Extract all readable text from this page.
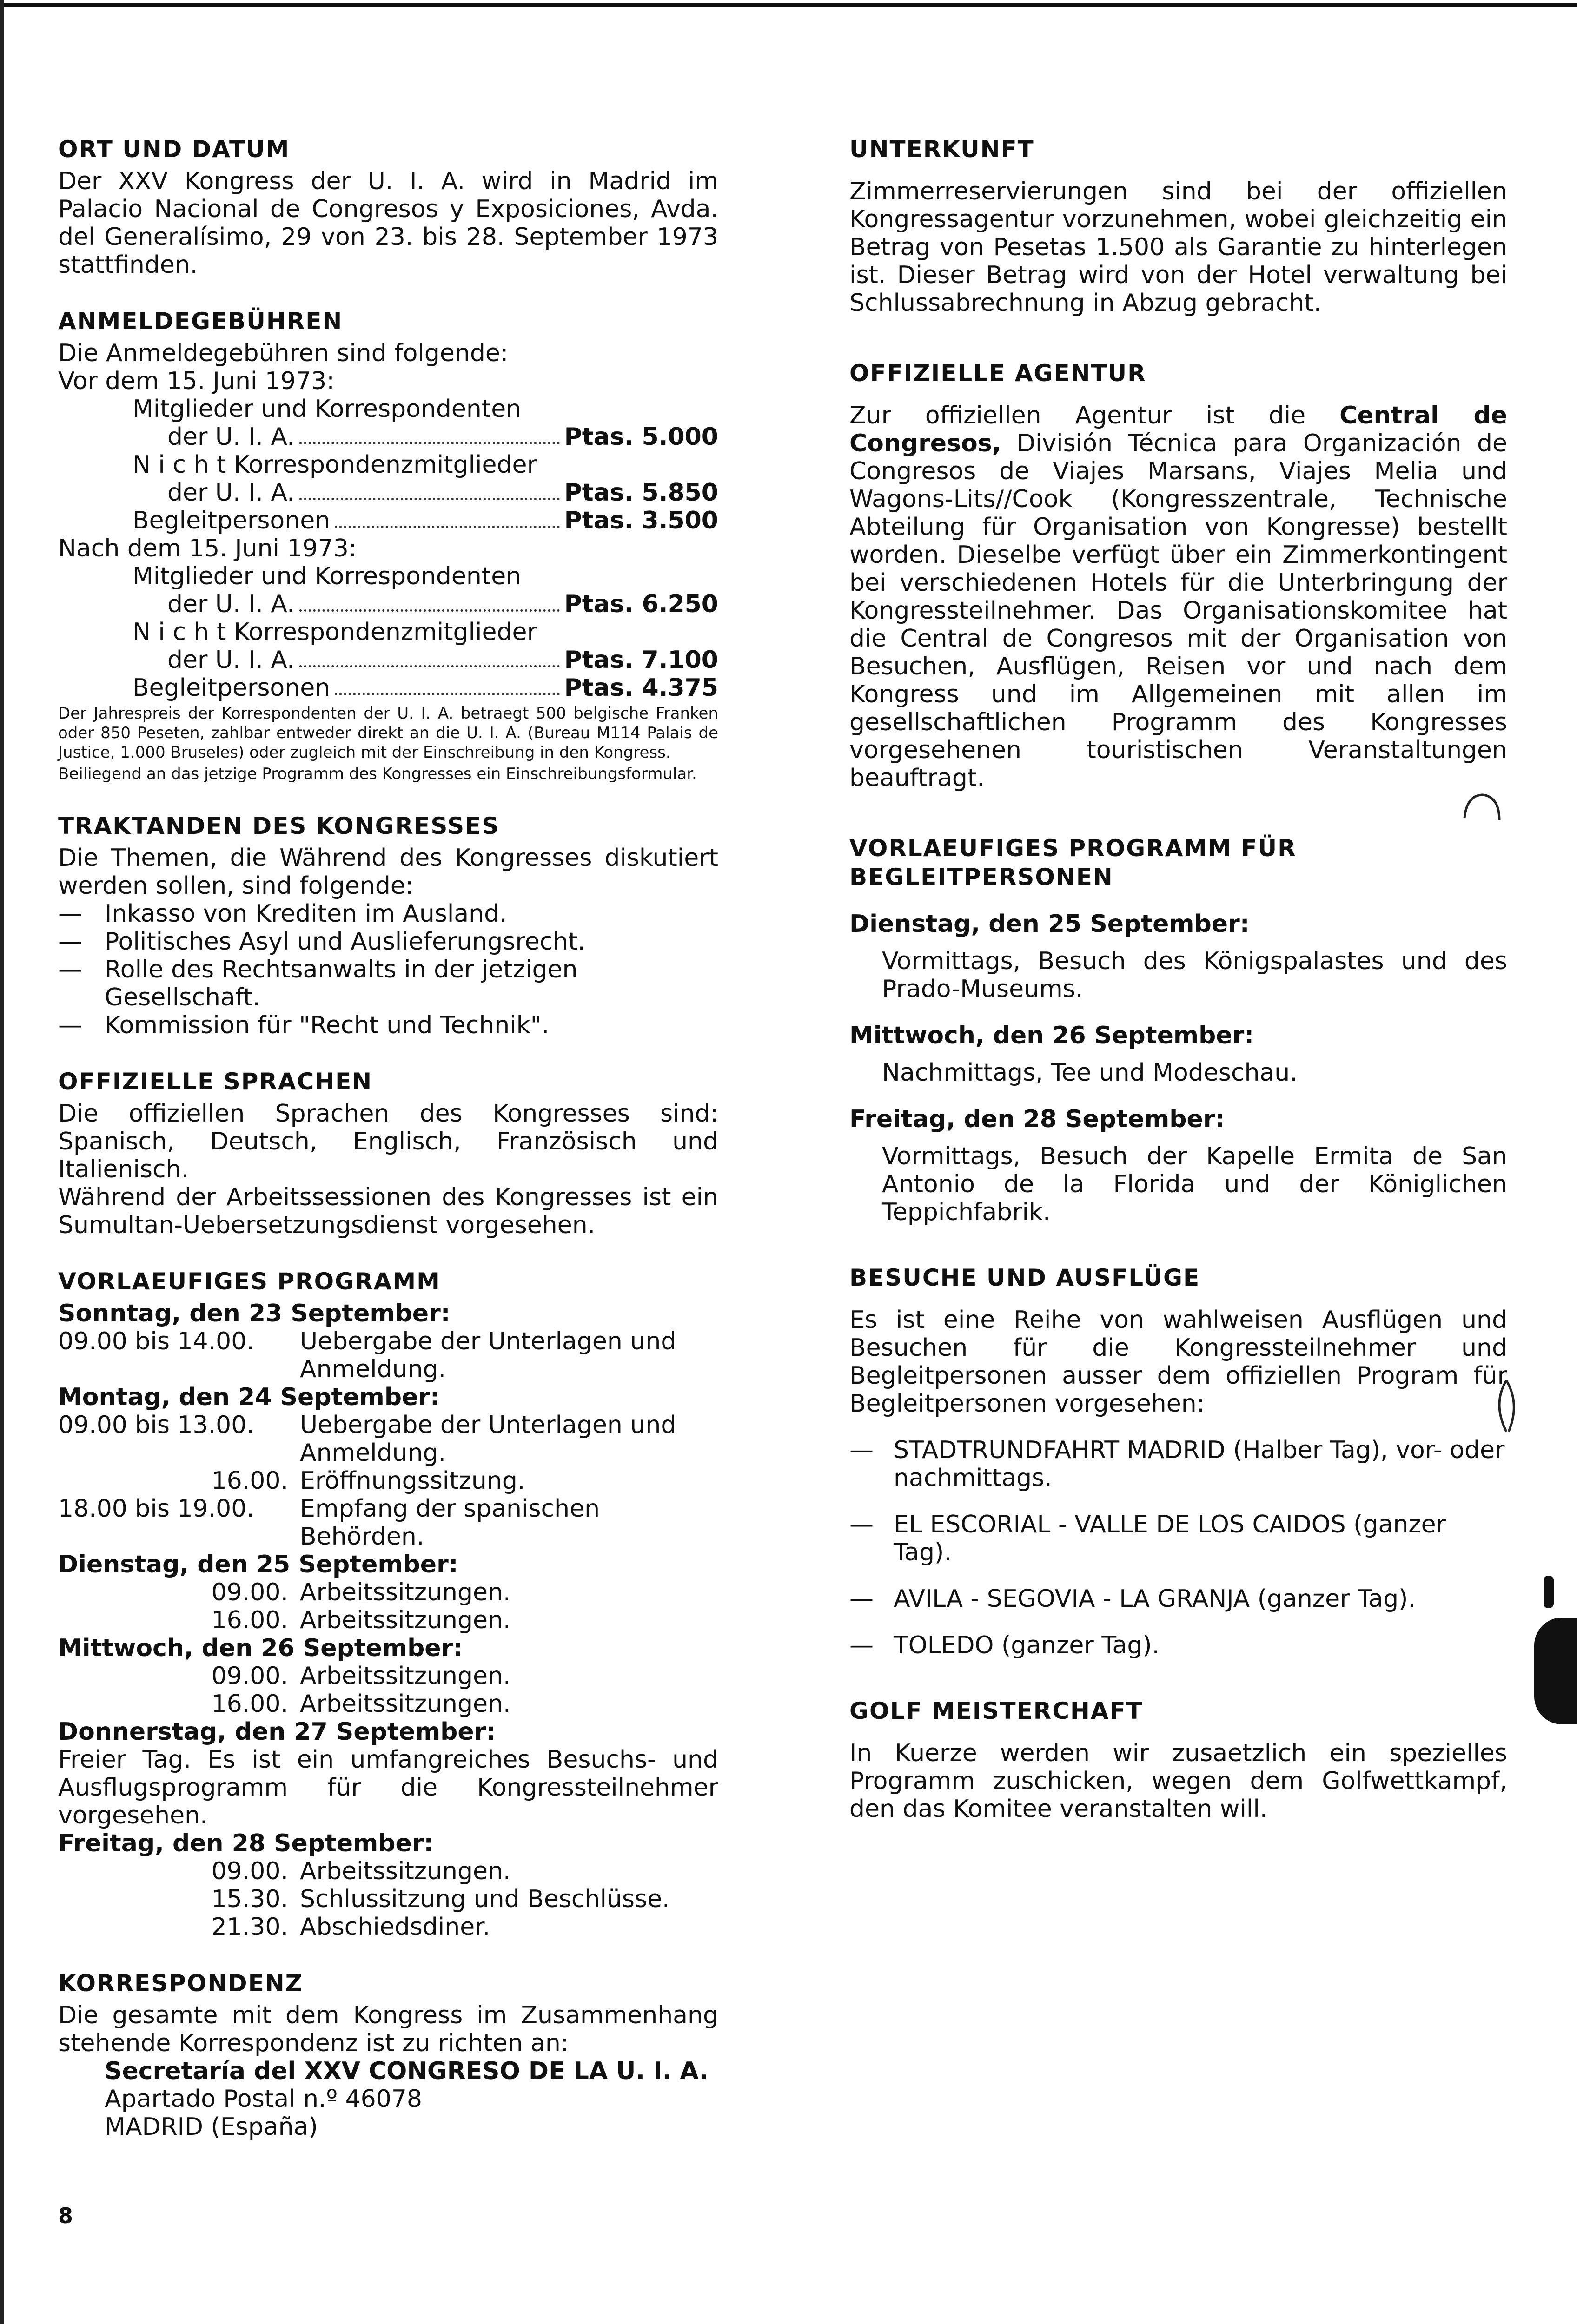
ORT UND DATUM

Der XXV Kongress der U. I. A. wird in Madrid im Palacio Nacional de Congresos y Exposiciones, Avda. del Generalísimo, 29 von 23. bis 28. September 1973 stattfinden.

ANMELDEGEBÜHREN

Die Anmeldegebühren sind folgende:

Vor dem 15. Juni 1973:

Mitglieder und Korrespondenten
der U. I. A.	Ptas. 5.000
N i c h t Korrespondenzmitglieder
der U. I. A.	Ptas. 5.850
Begleitpersonen	Ptas. 3.500

Nach dem 15. Juni 1973:

Mitglieder und Korrespondenten
der U. I. A.	Ptas. 6.250
N i c h t Korrespondenzmitglieder
der U. I. A.	Ptas. 7.100
Begleitpersonen	Ptas. 4.375
Der Jahrespreis der Korrespondenten der U. I. A. betraegt 500 belgische Franken oder 850 Peseten, zahlbar entweder direkt an die U. I. A. (Bureau M114 Palais de Justice, 1.000 Bruseles) oder zugleich mit der Einschreibung in den Kongress.
Beiliegend an das jetzige Programm des Kongresses ein Einschreibungsformular.
TRAKTANDEN DES KONGRESSES

Die Themen, die Während des Kongresses diskutiert werden sollen, sind folgende:

— Inkasso von Krediten im Ausland.
— Politisches Asyl und Auslieferungsrecht.
— Rolle des Rechtsanwalts in der jetzigen Gesellschaft.
— Kommission für "Recht und Technik".
OFFIZIELLE SPRACHEN

Die offiziellen Sprachen des Kongresses sind: Spanisch, Deutsch, Englisch, Französisch und Italienisch.

Während der Arbeitssessionen des Kongresses ist ein Sumultan-Uebersetzungsdienst vorgesehen.

VORLAEUFIGES PROGRAMM
Sonntag, den 23 September:
09.00 bis 14.00.	Uebergabe der Unterlagen und Anmeldung.
Montag, den 24 September:
09.00 bis 13.00.	Uebergabe der Unterlagen und Anmeldung.
16.00. Eröffnungssitzung.
18.00 bis 19.00.	Empfang der spanischen Behörden.
Dienstag, den 25 September:
09.00. Arbeitssitzungen.
16.00. Arbeitssitzungen.
Mittwoch, den 26 September:
09.00. Arbeitssitzungen.
16.00. Arbeitssitzungen.
Donnerstag, den 27 September:

Freier Tag. Es ist ein umfangreiches Besuchs- und Ausflugsprogramm für die Kongressteilnehmer vorgesehen.

Freitag, den 28 September:
09.00. Arbeitssitzungen.
15.30. Schlussitzung und Beschlüsse.
21.30. Abschiedsdiner.
KORRESPONDENZ

Die gesamte mit dem Kongress im Zusammenhang stehende Korrespondenz ist zu richten an:

Secretaría del XXV CONGRESO DE LA U. I. A.
Apartado Postal n.º 46078
MADRID (España)
8
UNTERKUNFT

Zimmerreservierungen sind bei der offiziellen Kongressagentur vorzunehmen, wobei gleichzeitig ein Betrag von Pesetas 1.500 als Garantie zu hinterlegen ist. Dieser Betrag wird von der Hotel verwaltung bei Schlussabrechnung in Abzug gebracht.

OFFIZIELLE AGENTUR

Zur offiziellen Agentur ist die Central de Congresos, División Técnica para Organización de Congresos de Viajes Marsans, Viajes Melia und Wagons-Lits//Cook (Kongresszentrale, Technische Abteilung für Organisation von Kongresse) bestellt worden. Dieselbe verfügt über ein Zimmerkontingent bei verschiedenen Hotels für die Unterbringung der Kongressteilnehmer. Das Organisationskomitee hat die Central de Congresos mit der Organisation von Besuchen, Ausflügen, Reisen vor und nach dem Kongress und im Allgemeinen mit allen im gesellschaftlichen Programm des Kongresses vorgesehenen touristischen Veranstaltungen beauftragt.

VORLAEUFIGES PROGRAMM FÜR BEGLEITPERSONEN
Dienstag, den 25 September:
Vormittags, Besuch des Königspalastes und des Prado-Museums.
Mittwoch, den 26 September:
Nachmittags, Tee und Modeschau.
Freitag, den 28 September:
Vormittags, Besuch der Kapelle Ermita de San Antonio de la Florida und der Königlichen Teppichfabrik.
BESUCHE UND AUSFLÜGE

Es ist eine Reihe von wahlweisen Ausflügen und Besuchen für die Kongressteilnehmer und Begleitpersonen ausser dem offiziellen Program für Begleitpersonen vorgesehen:

— STADTRUNDFAHRT MADRID (Halber Tag), vor- oder nachmittags.
— EL ESCORIAL - VALLE DE LOS CAIDOS (ganzer Tag).
— AVILA - SEGOVIA - LA GRANJA (ganzer Tag).
— TOLEDO (ganzer Tag).
GOLF MEISTERCHAFT

In Kuerze werden wir zusaetzlich ein spezielles Programm zuschicken, wegen dem Golfwettkampf, den das Komitee veranstalten will.
